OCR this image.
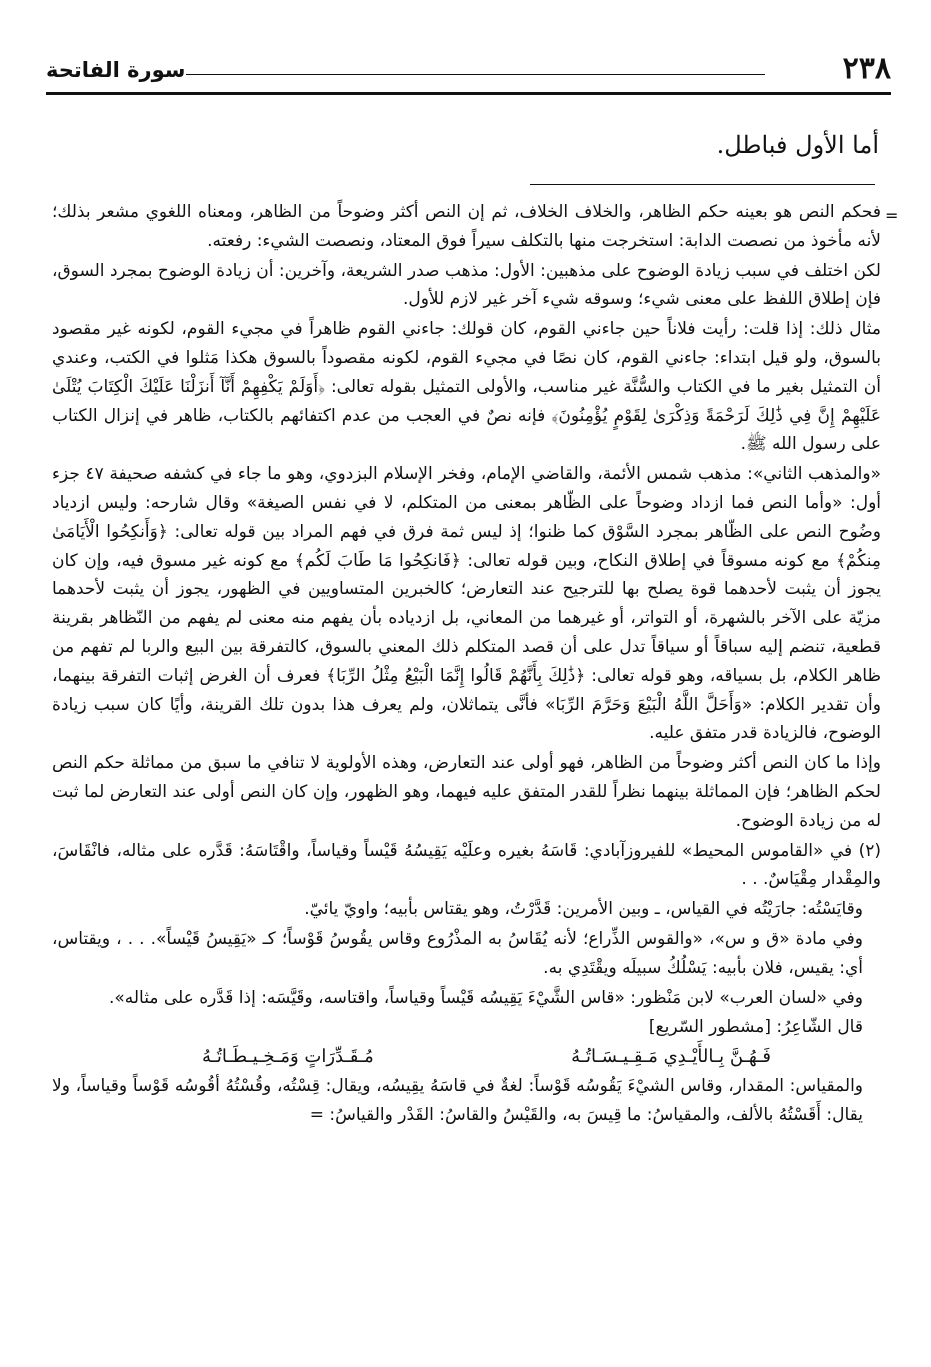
٢٣٨
سورة الفاتحة
أما الأول فباطل.
=

فحكم النص هو بعينه حكم الظاهر، والخلاف الخلاف، ثم إن النص أكثر وضوحاً من الظاهر، ومعناه اللغوي مشعر بذلك؛ لأنه مأخوذ من نصصت الدابة: استخرجت منها بالتكلف سيراً فوق المعتاد، ونصصت الشيء: رفعته.

لكن اختلف في سبب زيادة الوضوح على مذهبين: الأول: مذهب صدر الشريعة، وآخرين: أن زيادة الوضوح بمجرد السوق، فإن إطلاق اللفظ على معنى شيء؛ وسوقه شيء آخر غير لازم للأول.

مثال ذلك: إذا قلت: رأيت فلاناً حين جاءني القوم، كان قولك: جاءني القوم ظاهراً في مجيء القوم، لكونه غير مقصود بالسوق، ولو قيل ابتداء: جاءني القوم، كان نصًا في مجيء القوم، لكونه مقصوداً بالسوق هكذا مَثلوا في الكتب، وعندي أن التمثيل بغير ما في الكتاب والسُّنَّة غير مناسب، والأولى التمثيل بقوله تعالى: ﴿أَوَلَمْ يَكْفِهِمْ أَنَّآ أَنزَلْنَا عَلَيْكَ الْكِتَابَ يُتْلَىٰ عَلَيْهِمْ إِنَّ فِي ذَٰلِكَ لَرَحْمَةً وَذِكْرَىٰ لِقَوْمٍ يُؤْمِنُونَ﴾ فإنه نصٌ في العجب من عدم اكتفائهم بالكتاب، ظاهر في إنزال الكتاب على رسول الله ﷺ.

«والمذهب الثاني»: مذهب شمس الأئمة، والقاضي الإمام، وفخر الإسلام البزدوي، وهو ما جاء في كشفه صحيفة ٤٧ جزء أول: «وأما النص فما ازداد وضوحاً على الظّاهر بمعنى من المتكلم، لا في نفس الصيغة» وقال شارحه: وليس ازدياد وضُوح النص على الظّاهر بمجرد السَّوْق كما ظنوا؛ إذ ليس ثمة فرق في فهم المراد بين قوله تعالى: ﴿وَأَنكِحُوا الْأَيَامَىٰ مِنكُمْ﴾ مع كونه مسوقاً في إطلاق النكاح، وبين قوله تعالى: ﴿فَانكِحُوا مَا طَابَ لَكُم﴾ مع كونه غير مسوق فيه، وإن كان يجوز أن يثبت لأحدهما قوة يصلح بها للترجيح عند التعارض؛ كالخبرين المتساويين في الظهور، يجوز أن يثبت لأحدهما مزيّة على الآخر بالشهرة، أو التواتر، أو غيرهما من المعاني، بل ازدياده بأن يفهم منه معنى لم يفهم من النّظاهر بقرينة قطعية، تنضم إليه سباقاً أو سياقاً تدل على أن قصد المتكلم ذلك المعني بالسوق، كالتفرقة بين البيع والربا لم تفهم من ظاهر الكلام، بل بسياقه، وهو قوله تعالى: ﴿ذَٰلِكَ بِأَنَّهُمْ قَالُوا إِنَّمَا الْبَيْعُ مِثْلُ الرِّبَا﴾ فعرف أن الغرض إثبات التفرقة بينهما، وأن تقدير الكلام: «وَأَحَلَّ اللَّهُ الْبَيْعَ وَحَرَّمَ الرِّبَا» فأنَّى يتماثلان، ولم يعرف هذا بدون تلك القرينة، وأيًا كان سبب زيادة الوضوح، فالزيادة قدر متفق عليه.

وإذا ما كان النص أكثر وضوحاً من الظاهر، فهو أولى عند التعارض، وهذه الأولوية لا تنافي ما سبق من مماثلة حكم النص لحكم الظاهر؛ فإن المماثلة بينهما نظراً للقدر المتفق عليه فيهما، وهو الظهور، وإن كان النص أولى عند التعارض لما ثبت له من زيادة الوضوح.

(٢) في «القاموس المحيط» للفيروزآبادي: قَاسَهُ بغيره وعلَيْه يَقِيسُهُ قَيْساً وقياساً، واقْتَاسَهُ: قَدَّره على مثاله، فانْقَاسَ، والمِقْدار مِقْيَاسٌ. . .

وقايَسْتُه: جارَيْتُه في القياس، ـ وبين الأمرين: قَدَّرْتُ، وهو يقتاس بأبيه؛ واويّ يائيّ.

وفي مادة «ق و س»، «والقوس الذِّراع؛ لأنه يُقَاسُ به المذْرُوع وقاس يقُوسُ قَوْساً؛ كـ «يَقِيسُ قَيْساً». . . ، ويقتاس، أي: يقيس، فلان بأبيه: يَسْلُكُ سبيلَه ويقْتَدِي به.

وفي «لسان العرب» لابن مَنْظور: «قاس الشَّيْءَ يَقِيسُه قَيْساً وقياساً، واقتاسه، وقَيَّسَه: إذا قَدَّره على مثاله».

قال الشّاعِرُ: [مشطور السّريع]

فَـهُـنَّ بِـالأَيْـدِي مَـقِـيـسَـاتُـهُ
مُـقَـدِّرَاتٍ وَمَـخِـيـطَـاتُـهُ

والمقياس: المقدار، وقاس الشيْءَ يَقُوسُه قَوْساً: لغةٌ في قاسَهُ يقِيسُه، ويقال: قِسْتُه، وقُسْتُهُ أقُوسُه قَوْساً وقياساً، ولا يقال: أَقَسْتُهُ بالألف، والمقياسُ: ما قِيسَ به، والقَيْسُ والقاسُ: القَدْر والقياسُ: =
